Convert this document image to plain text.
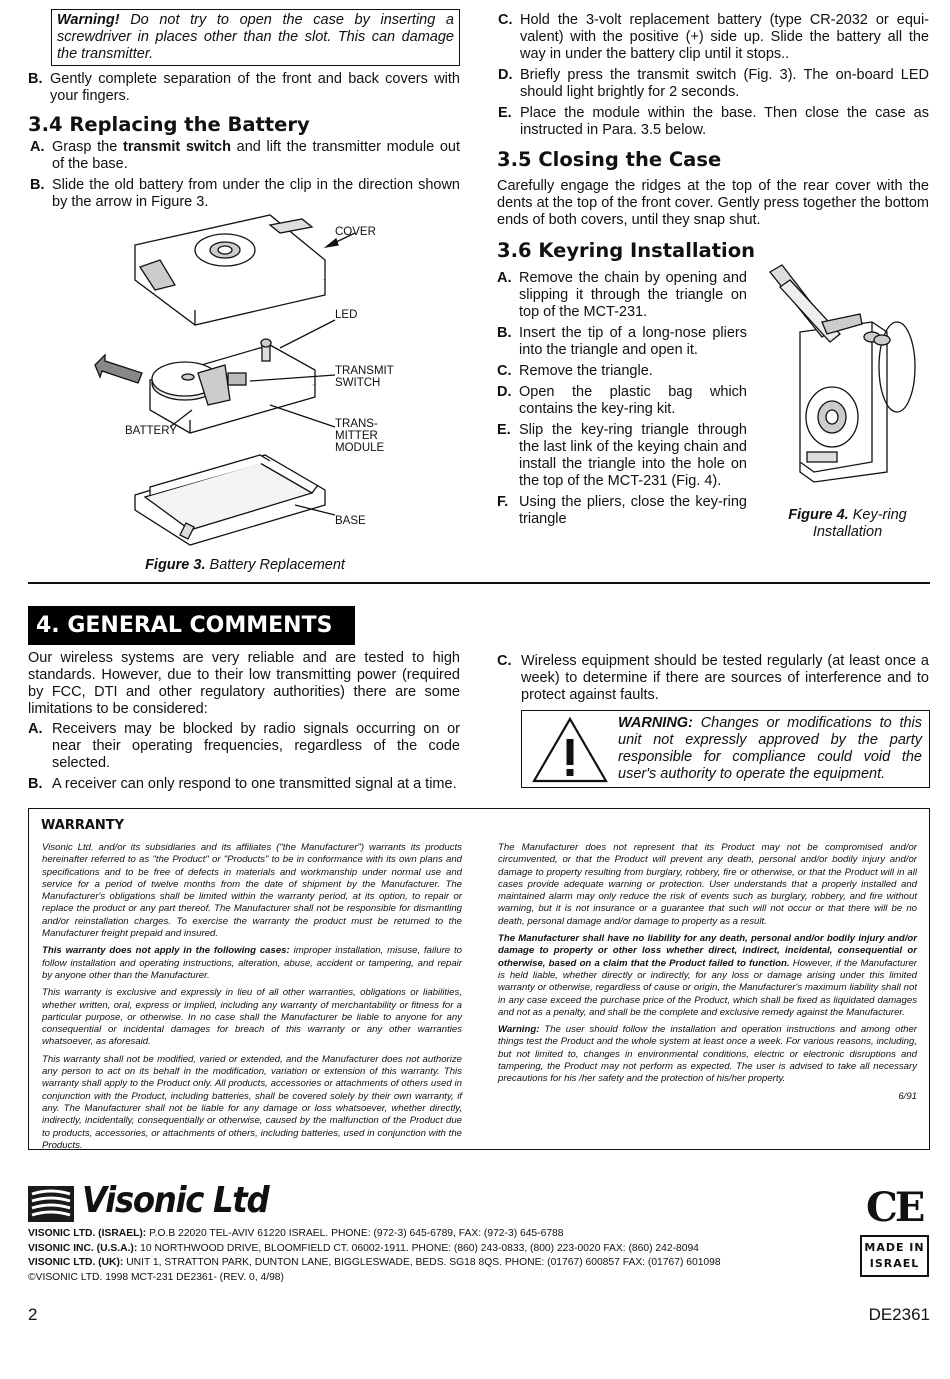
Warning! Do not try to open the case by inserting a screwdriver in places other than the slot. This can damage the transmitter.
B. Gently complete separation of the front and back covers with your fingers.
3.4 Replacing the Battery
A. Grasp the transmit switch and lift the transmitter module out of the base.
B. Slide the old battery from under the clip in the direction shown by the arrow in Figure 3.
COVER
LED
TRANSMIT
SWITCH
BATTERY
TRANS-
MITTER
MODULE
BASE
Figure 3. Battery Replacement
C. Hold the 3-volt replacement battery (type CR-2032 or equi-valent) with the positive (+) side up. Slide the battery all the way in under the battery clip until it stops..
D. Briefly press the transmit switch (Fig. 3). The on-board LED should light brightly for 2 seconds.
E. Place the module within the base. Then close the case as instructed in Para. 3.5 below.
3.5 Closing the Case
Carefully engage the ridges at the top of the rear cover with the dents at the top of the front cover. Gently press together the bottom ends of both covers, until they snap shut.
3.6 Keyring Installation
A. Remove the chain by opening and slipping it through the triangle on top of the MCT-231.
B. Insert the tip of a long-nose pliers into the triangle and open it.
C. Remove the triangle.
D. Open the plastic bag which contains the key-ring kit.
E. Slip the key-ring triangle through the last link of the keying chain and install the triangle into the hole on the top of the MCT-231 (Fig. 4).
F. Using the pliers, close the key-ring triangle	Figure 4. Key-ring Installation
4. GENERAL COMMENTS
Our wireless systems are very reliable and are tested to high standards. However, due to their low transmitting power (required by FCC, DTI and other regulatory authorities) there are some limitations to be considered:
A. Receivers may be blocked by radio signals occurring on or near their operating frequencies, regardless of the code selected.
B. A receiver can only respond to one transmitted signal at a time.
C. Wireless equipment should be tested regularly (at least once a week) to determine if there are sources of interference and to protect against faults.
WARNING: Changes or modifications to this unit not expressly approved by the party responsible for compliance could void the user's authority to operate the equipment.
WARRANTY

Visonic Ltd. and/or its subsidiaries and its affiliates ("the Manufacturer") warrants its products hereinafter referred to as "the Product" or "Products" to be in conformance with its own plans and specifications and to be free of defects in materials and workmanship under normal use and service for a period of twelve months from the date of shipment by the Manufacturer. The Manufacturer's obligations shall be limited within the warranty period, at its option, to repair or replace the product or any part thereof. The Manufacturer shall not be responsible for dismantling and/or reinstallation charges. To exercise the warranty the product must be returned to the Manufacturer freight prepaid and insured.

This warranty does not apply in the following cases: improper installation, misuse, failure to follow installation and operating instructions, alteration, abuse, accident or tampering, and repair by anyone other than the Manufacturer.

This warranty is exclusive and expressly in lieu of all other warranties, obligations or liabilities, whether written, oral, express or implied, including any warranty of merchantability or fitness for a particular purpose, or otherwise. In no case shall the Manufacturer be liable to anyone for any consequential or incidental damages for breach of this warranty or any other warranties whatsoever, as aforesaid.

This warranty shall not be modified, varied or extended, and the Manufacturer does not authorize any person to act on its behalf in the modification, variation or extension of this warranty. This warranty shall apply to the Product only. All products, accessories or attachments of others used in conjunction with the Product, including batteries, shall be covered solely by their own warranty, if any. The Manufacturer shall not be liable for any damage or loss whatsoever, whether directly, indirectly, incidentally, consequentially or otherwise, caused by the malfunction of the Product due to products, accessories, or attachments of others, including batteries, used in conjunction with the Products.

The Manufacturer does not represent that its Product may not be compromised and/or circumvented, or that the Product will prevent any death, personal and/or bodily injury and/or damage to property resulting from burglary, robbery, fire or otherwise, or that the Product will in all cases provide adequate warning or protection. User understands that a properly installed and maintained alarm may only reduce the risk of events such as burglary, robbery, and fire without warning, but it is not insurance or a guarantee that such will not occur or that there will be no death, personal damage and/or damage to property as a result.

The Manufacturer shall have no liability for any death, personal and/or bodily injury and/or damage to property or other loss whether direct, indirect, incidental, consequential or otherwise, based on a claim that the Product failed to function. However, if the Manufacturer is held liable, whether directly or indirectly, for any loss or damage arising under this limited warranty or otherwise, regardless of cause or origin, the Manufacturer's maximum liability shall not in any case exceed the purchase price of the Product, which shall be fixed as liquidated damages and not as a penalty, and shall be the complete and exclusive remedy against the Manufacturer.

Warning: The user should follow the installation and operation instructions and among other things test the Product and the whole system at least once a week. For various reasons, including, but not limited to, changes in environmental conditions, electric or electronic disruptions and tampering, the Product may not perform as expected. The user is advised to take all necessary precautions for his /her safety and the protection of his/her property.

6/91

Visonic Ltd
VISONIC LTD. (ISRAEL): P.O.B 22020 TEL-AVIV 61220 ISRAEL. PHONE: (972-3) 645-6789, FAX: (972-3) 645-6788
VISONIC INC. (U.S.A.): 10 NORTHWOOD DRIVE, BLOOMFIELD CT. 06002-1911. PHONE: (860) 243-0833, (800) 223-0020 FAX: (860) 242-8094
VISONIC LTD. (UK): UNIT 1, STRATTON PARK, DUNTON LANE, BIGGLESWADE, BEDS. SG18 8QS. PHONE: (01767) 600857 FAX: (01767) 601098
©VISONIC LTD. 1998 MCT-231 DE2361- (REV. 0, 4/98)
CE
MADE IN
ISRAEL
2	DE2361
